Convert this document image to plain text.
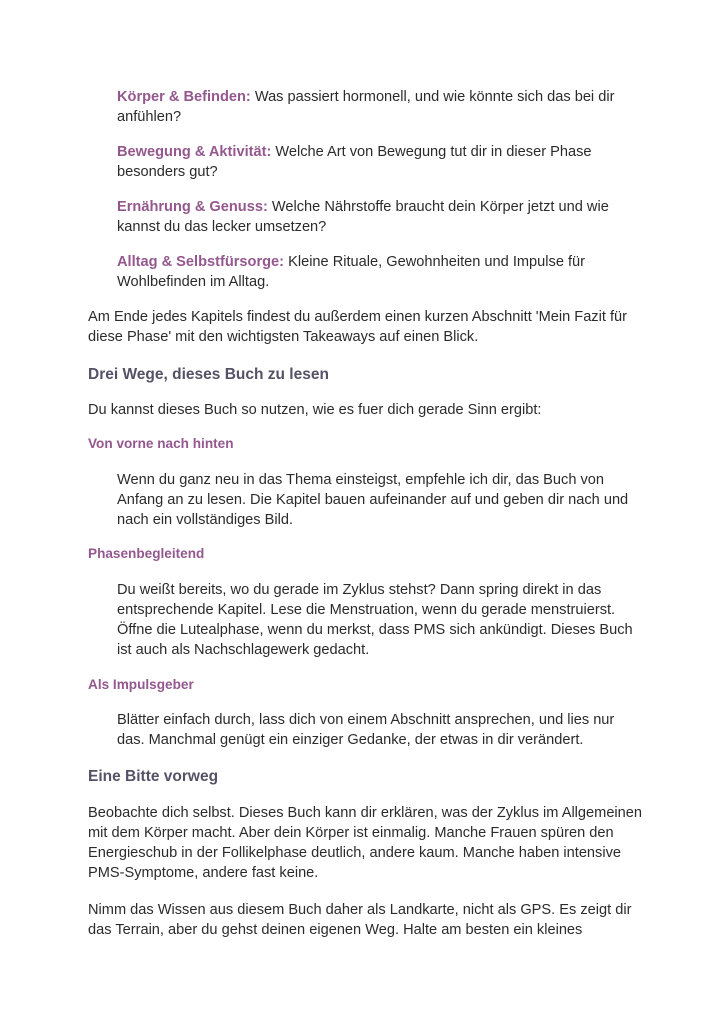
Körper & Befinden: Was passiert hormonell, und wie könnte sich das bei dir anfühlen?

Bewegung & Aktivität: Welche Art von Bewegung tut dir in dieser Phase besonders gut?

Ernährung & Genuss: Welche Nährstoffe braucht dein Körper jetzt und wie kannst du das lecker umsetzen?

Alltag & Selbstfürsorge: Kleine Rituale, Gewohnheiten und Impulse für Wohlbefinden im Alltag.

Am Ende jedes Kapitels findest du außerdem einen kurzen Abschnitt 'Mein Fazit für diese Phase' mit den wichtigsten Takeaways auf einen Blick.

Drei Wege, dieses Buch zu lesen

Du kannst dieses Buch so nutzen, wie es fuer dich gerade Sinn ergibt:

Von vorne nach hinten

Wenn du ganz neu in das Thema einsteigst, empfehle ich dir, das Buch von Anfang an zu lesen. Die Kapitel bauen aufeinander auf und geben dir nach und nach ein vollständiges Bild.

Phasenbegleitend

Du weißt bereits, wo du gerade im Zyklus stehst? Dann spring direkt in das entsprechende Kapitel. Lese die Menstruation, wenn du gerade menstruierst. Öffne die Lutealphase, wenn du merkst, dass PMS sich ankündigt. Dieses Buch ist auch als Nachschlagewerk gedacht.

Als Impulsgeber

Blätter einfach durch, lass dich von einem Abschnitt ansprechen, und lies nur das. Manchmal genügt ein einziger Gedanke, der etwas in dir verändert.

Eine Bitte vorweg

Beobachte dich selbst. Dieses Buch kann dir erklären, was der Zyklus im Allgemeinen mit dem Körper macht. Aber dein Körper ist einmalig. Manche Frauen spüren den Energieschub in der Follikelphase deutlich, andere kaum. Manche haben intensive PMS-Symptome, andere fast keine.

Nimm das Wissen aus diesem Buch daher als Landkarte, nicht als GPS. Es zeigt dir das Terrain, aber du gehst deinen eigenen Weg. Halte am besten ein kleines
